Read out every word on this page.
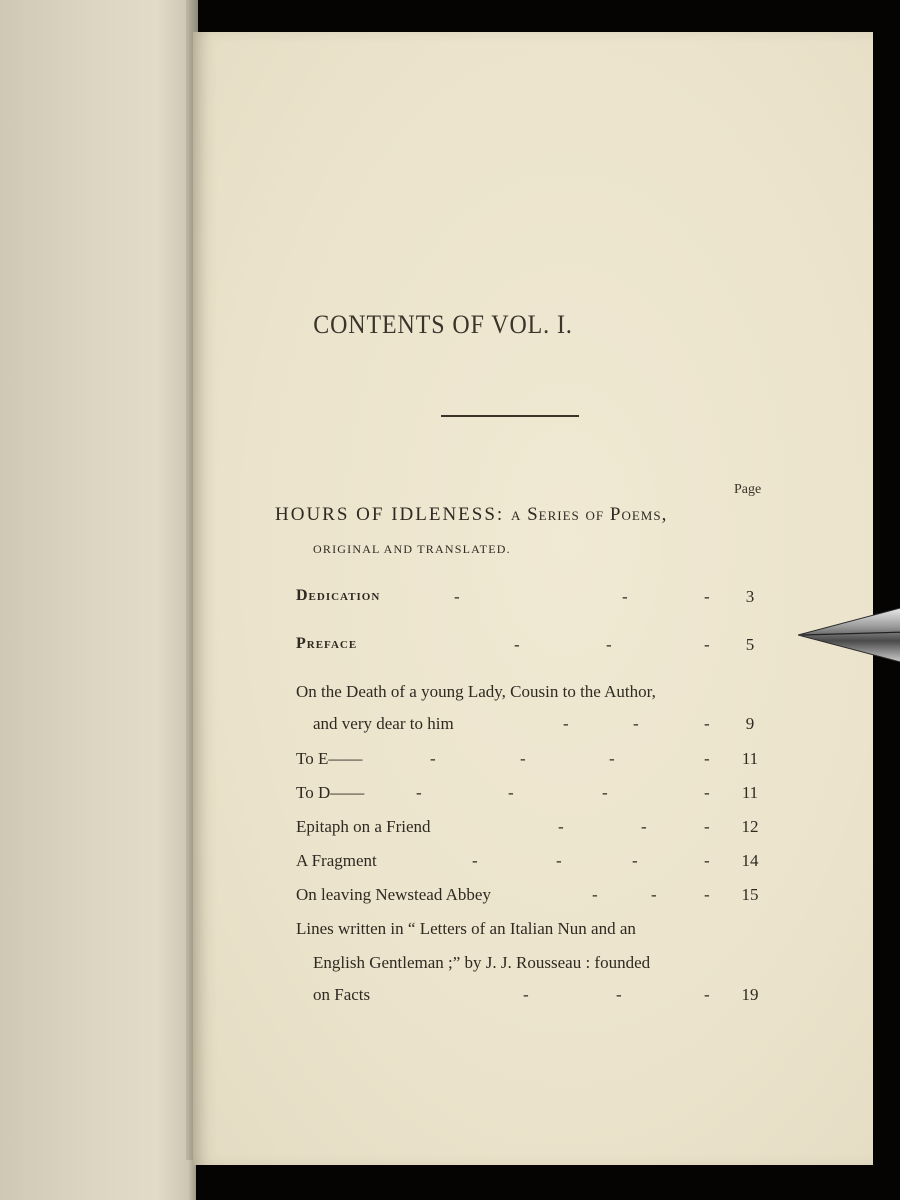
CONTENTS OF VOL. I.
Page
HOURS OF IDLENESS: a Series of Poems,
ORIGINAL AND TRANSLATED.
Dedication	-	-	-	3
Preface	-	-	-	5
On the Death of a young Lady, Cousin to the Author,
and very dear to him	-	-	-	9
To E——	-	-	-	-	11
To D——	-	-	-	-	11
Epitaph on a Friend	-	-	-	12
A Fragment	-	-	-	-	14
On leaving Newstead Abbey	-	-	-	15
Lines written in “ Letters of an Italian Nun and an
English Gentleman ;” by J. J. Rousseau : founded
on Facts	-	-	-	19
